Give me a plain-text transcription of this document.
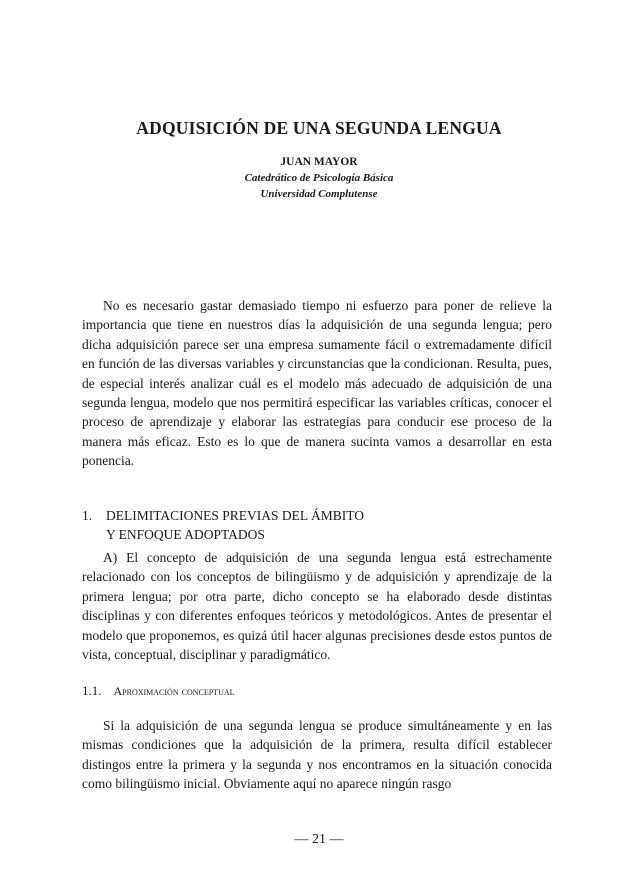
ADQUISICIÓN DE UNA SEGUNDA LENGUA
JUAN MAYOR
Catedrático de Psicología Básica
Universidad Complutense

No es necesario gastar demasiado tiempo ni esfuerzo para poner de relieve la importancia que tiene en nuestros días la adquisición de una segunda lengua; pero dicha adquisición parece ser una empresa sumamente fácil o extremadamente difícil en función de las diversas variables y circunstancias que la condicionan. Resulta, pues, de especial interés analizar cuál es el modelo más adecuado de adquisición de una segunda lengua, modelo que nos permitirá especificar las variables críticas, conocer el proceso de aprendizaje y elaborar las estrategias para conducir ese proceso de la manera más eficaz. Esto es lo que de manera sucinta vamos a desarrollar en esta ponencia.

1. DELIMITACIONES PREVIAS DEL ÁMBITO
Y ENFOQUE ADOPTADOS

A) El concepto de adquisición de una segunda lengua está estrechamente relacionado con los conceptos de bilingüismo y de adquisición y aprendizaje de la primera lengua; por otra parte, dicho concepto se ha elaborado desde distintas disciplinas y con diferentes enfoques teóricos y metodológicos. Antes de presentar el modelo que proponemos, es quizá útil hacer algunas precisiones desde estos puntos de vista, conceptual, disciplinar y paradigmático.

1.1. Aproximación conceptual

Si la adquisición de una segunda lengua se produce simultáneamente y en las mismas condiciones que la adquisición de la primera, resulta difícil establecer distingos entre la primera y la segunda y nos encontramos en la situación conocida como bilingüismo inicial. Obviamente aquí no aparece ningún rasgo

— 21 —
